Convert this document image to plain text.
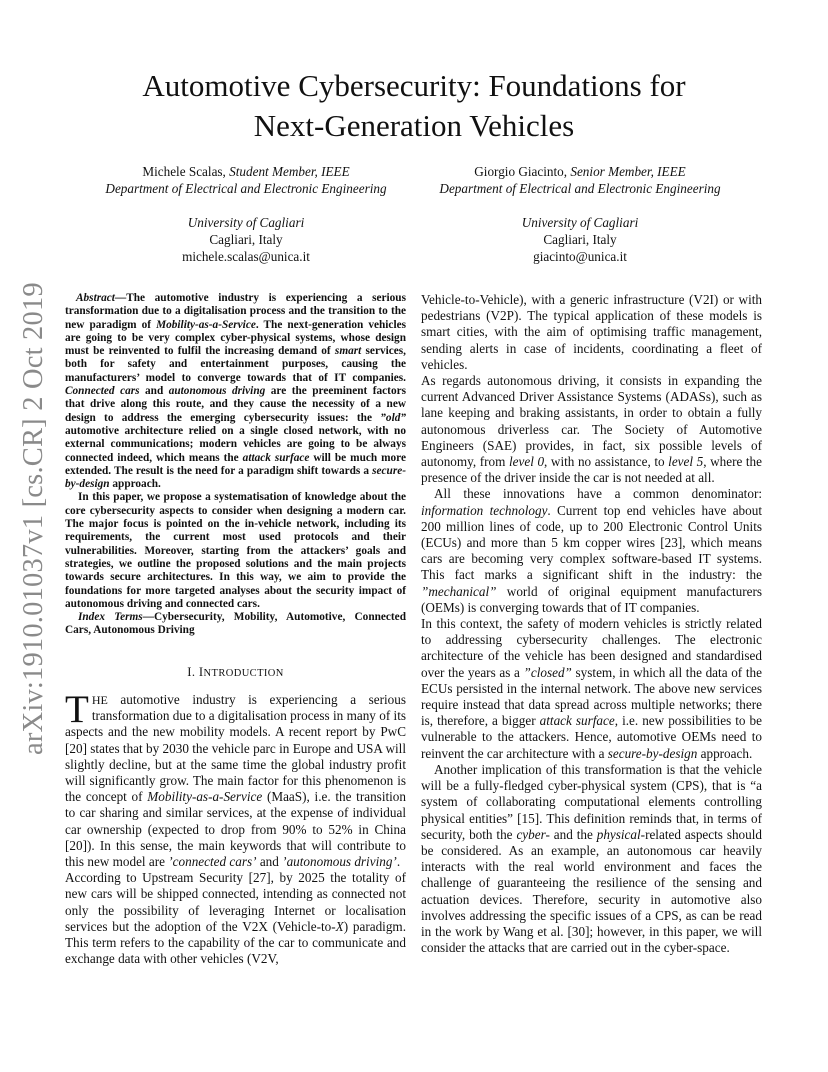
arXiv:1910.01037v1 [cs.CR] 2 Oct 2019
Automotive Cybersecurity: Foundations for
Next-Generation Vehicles
Michele Scalas, Student Member, IEEE
Department of Electrical and Electronic Engineering
University of Cagliari
Cagliari, Italy
michele.scalas@unica.it
Giorgio Giacinto, Senior Member, IEEE
Department of Electrical and Electronic Engineering
University of Cagliari
Cagliari, Italy
giacinto@unica.it

Abstract—The automotive industry is experiencing a serious transformation due to a digitalisation process and the transition to the new paradigm of Mobility-as-a-Service. The next-generation vehicles are going to be very complex cyber-physical systems, whose design must be reinvented to fulfil the increasing demand of smart services, both for safety and entertainment purposes, causing the manufacturers’ model to converge towards that of IT companies. Connected cars and autonomous driving are the preeminent factors that drive along this route, and they cause the necessity of a new design to address the emerging cybersecurity issues: the ”old” automotive architecture relied on a single closed network, with no external communications; modern vehicles are going to be always connected indeed, which means the attack surface will be much more extended. The result is the need for a paradigm shift towards a secure-by-design approach.

In this paper, we propose a systematisation of knowledge about the core cybersecurity aspects to consider when designing a modern car. The major focus is pointed on the in-vehicle network, including its requirements, the current most used protocols and their vulnerabilities. Moreover, starting from the attackers’ goals and strategies, we outline the proposed solutions and the main projects towards secure architectures. In this way, we aim to provide the foundations for more targeted analyses about the security impact of autonomous driving and connected cars.

Index Terms—Cybersecurity, Mobility, Automotive, Connected Cars, Autonomous Driving

I. INTRODUCTION

THE automotive industry is experiencing a serious transformation due to a digitalisation process in many of its aspects and the new mobility models. A recent report by PwC [20] states that by 2030 the vehicle parc in Europe and USA will slightly decline, but at the same time the global industry profit will significantly grow. The main factor for this phenomenon is the concept of Mobility-as-a-Service (MaaS), i.e. the transition to car sharing and similar services, at the expense of individual car ownership (expected to drop from 90% to 52% in China [20]). In this sense, the main keywords that will contribute to this new model are ’connected cars’ and ’autonomous driving’.

According to Upstream Security [27], by 2025 the totality of new cars will be shipped connected, intending as connected not only the possibility of leveraging Internet or localisation services but the adoption of the V2X (Vehicle-to-X) paradigm. This term refers to the capability of the car to communicate and exchange data with other vehicles (V2V,

Vehicle-to-Vehicle), with a generic infrastructure (V2I) or with pedestrians (V2P). The typical application of these models is smart cities, with the aim of optimising traffic management, sending alerts in case of incidents, coordinating a fleet of vehicles.

As regards autonomous driving, it consists in expanding the current Advanced Driver Assistance Systems (ADASs), such as lane keeping and braking assistants, in order to obtain a fully autonomous driverless car. The Society of Automotive Engineers (SAE) provides, in fact, six possible levels of autonomy, from level 0, with no assistance, to level 5, where the presence of the driver inside the car is not needed at all.

All these innovations have a common denominator: information technology. Current top end vehicles have about 200 million lines of code, up to 200 Electronic Control Units (ECUs) and more than 5 km copper wires [23], which means cars are becoming very complex software-based IT systems. This fact marks a significant shift in the industry: the ”mechanical” world of original equipment manufacturers (OEMs) is converging towards that of IT companies.

In this context, the safety of modern vehicles is strictly related to addressing cybersecurity challenges. The electronic architecture of the vehicle has been designed and standardised over the years as a ”closed” system, in which all the data of the ECUs persisted in the internal network. The above new services require instead that data spread across multiple networks; there is, therefore, a bigger attack surface, i.e. new possibilities to be vulnerable to the attackers. Hence, automotive OEMs need to reinvent the car architecture with a secure-by-design approach.

Another implication of this transformation is that the vehicle will be a fully-fledged cyber-physical system (CPS), that is “a system of collaborating computational elements controlling physical entities” [15]. This definition reminds that, in terms of security, both the cyber- and the physical-related aspects should be considered. As an example, an autonomous car heavily interacts with the real world environment and faces the challenge of guaranteeing the resilience of the sensing and actuation devices. Therefore, security in automotive also involves addressing the specific issues of a CPS, as can be read in the work by Wang et al. [30]; however, in this paper, we will consider the attacks that are carried out in the cyber-space.
